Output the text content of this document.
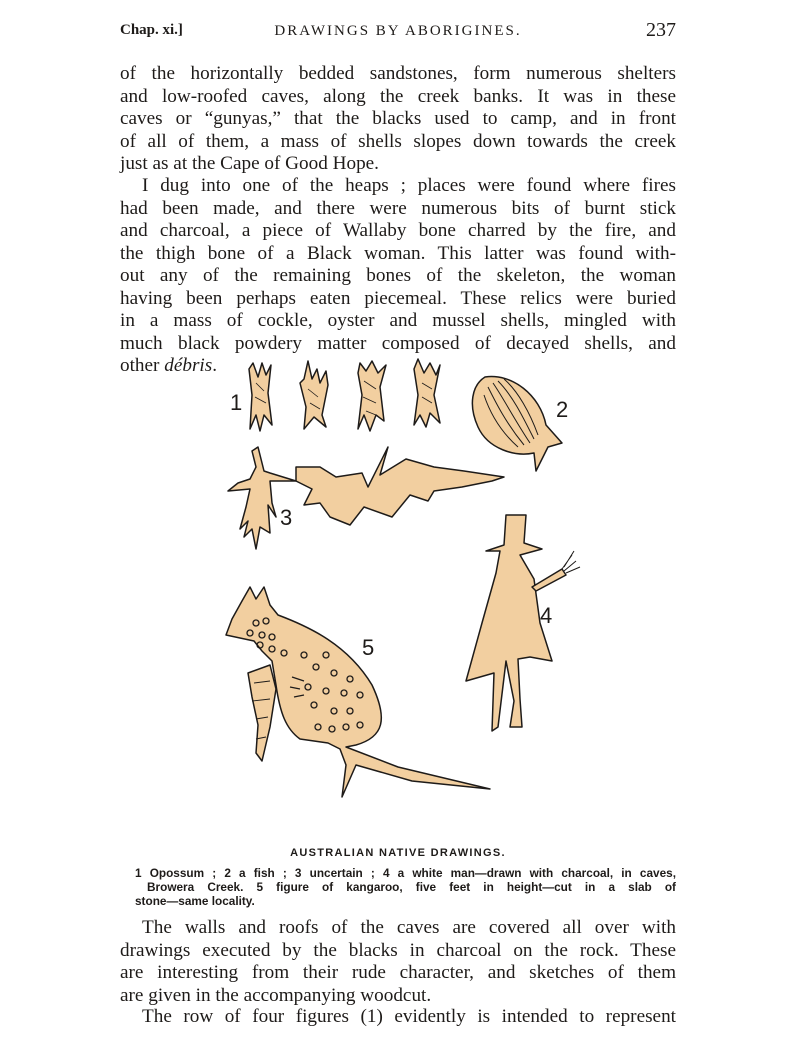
Chap. xi.]	DRAWINGS BY ABORIGINES.	237
of the horizontally bedded sandstones, form numerous shelters
and low-roofed caves, along the creek banks. It was in these
caves or “gunyas,” that the blacks used to camp, and in front
of all of them, a mass of shells slopes down towards the creek
just as at the Cape of Good Hope.
I dug into one of the heaps ; places were found where fires
had been made, and there were numerous bits of burnt stick
and charcoal, a piece of Wallaby bone charred by the fire, and
the thigh bone of a Black woman. This latter was found with-
out any of the remaining bones of the skeleton, the woman
having been perhaps eaten piecemeal. These relics were buried
in a mass of cockle, oyster and mussel shells, mingled with
much black powdery matter composed of decayed shells, and
other débris.
1	2
3
4
5
AUSTRALIAN NATIVE DRAWINGS.
1 Opossum ; 2 a fish ; 3 uncertain ; 4 a white man—drawn with charcoal, in caves,
Browera Creek. 5 figure of kangaroo, five feet in height—cut in a slab of
stone—same locality.
The walls and roofs of the caves are covered all over with
drawings executed by the blacks in charcoal on the rock. These
are interesting from their rude character, and sketches of them
are given in the accompanying woodcut.
The row of four figures (1) evidently is intended to represent
